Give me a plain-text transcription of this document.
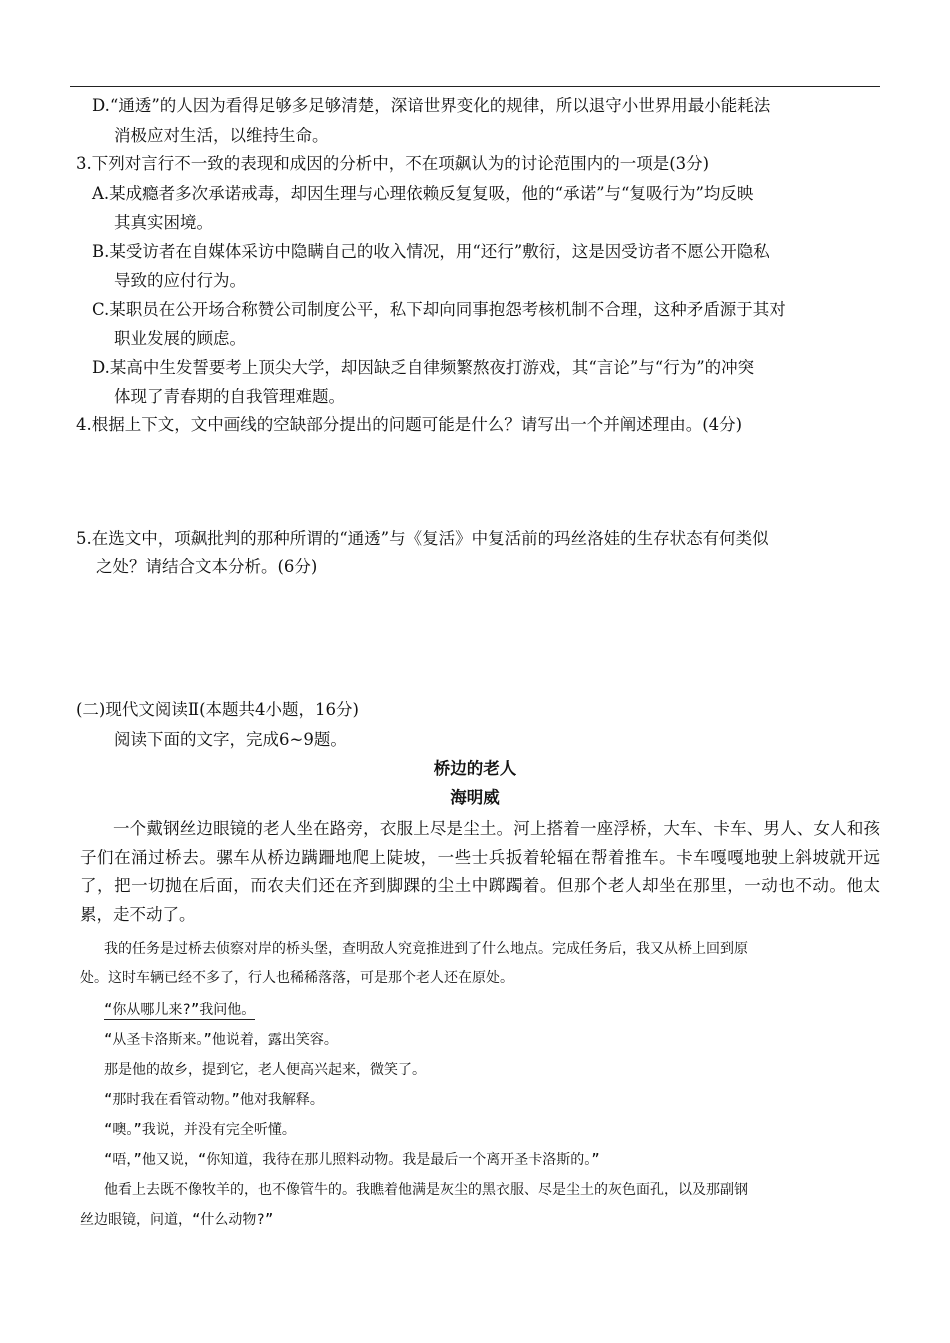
D.“通透”的人因为看得足够多足够清楚，深谙世界变化的规律，所以退守小世界用最小能耗法
消极应对生活，以维持生命。
3.下列对言行不一致的表现和成因的分析中，不在项飙认为的讨论范围内的一项是(3分)
A.某成瘾者多次承诺戒毒，却因生理与心理依赖反复复吸，他的“承诺”与“复吸行为”均反映
其真实困境。
B.某受访者在自媒体采访中隐瞒自己的收入情况，用“还行”敷衍，这是因受访者不愿公开隐私
导致的应付行为。
C.某职员在公开场合称赞公司制度公平，私下却向同事抱怨考核机制不合理，这种矛盾源于其对
职业发展的顾虑。
D.某高中生发誓要考上顶尖大学，却因缺乏自律频繁熬夜打游戏，其“言论”与“行为”的冲突
体现了青春期的自我管理难题。
4.根据上下文，文中画线的空缺部分提出的问题可能是什么？请写出一个并阐述理由。(4分)
5.在选文中，项飙批判的那种所谓的“通透”与《复活》中复活前的玛丝洛娃的生存状态有何类似
之处？请结合文本分析。(6分)
(二)现代文阅读Ⅱ(本题共4小题，16分)
阅读下面的文字，完成6~9题。
桥边的老人
海明威
一个戴钢丝边眼镜的老人坐在路旁，衣服上尽是尘土。河上搭着一座浮桥，大车、卡车、男人、女人和孩子们在涌过桥去。骡车从桥边蹒跚地爬上陡坡，一些士兵扳着轮辐在帮着推车。卡车嘎嘎地驶上斜坡就开远了，把一切抛在后面，而农夫们还在齐到脚踝的尘土中踯躅着。但那个老人却坐在那里，一动也不动。他太累，走不动了。
我的任务是过桥去侦察对岸的桥头堡，查明敌人究竟推进到了什么地点。完成任务后，我又从桥上回到原
处。这时车辆已经不多了，行人也稀稀落落，可是那个老人还在原处。
“你从哪儿来?”我问他。
“从圣卡洛斯来。”他说着，露出笑容。
那是他的故乡，提到它，老人便高兴起来，微笑了。
“那时我在看管动物。”他对我解释。
“噢。”我说，并没有完全听懂。
“唔，”他又说，“你知道，我待在那儿照料动物。我是最后一个离开圣卡洛斯的。”
他看上去既不像牧羊的，也不像管牛的。我瞧着他满是灰尘的黑衣服、尽是尘土的灰色面孔，以及那副钢
丝边眼镜，问道，“什么动物?”
